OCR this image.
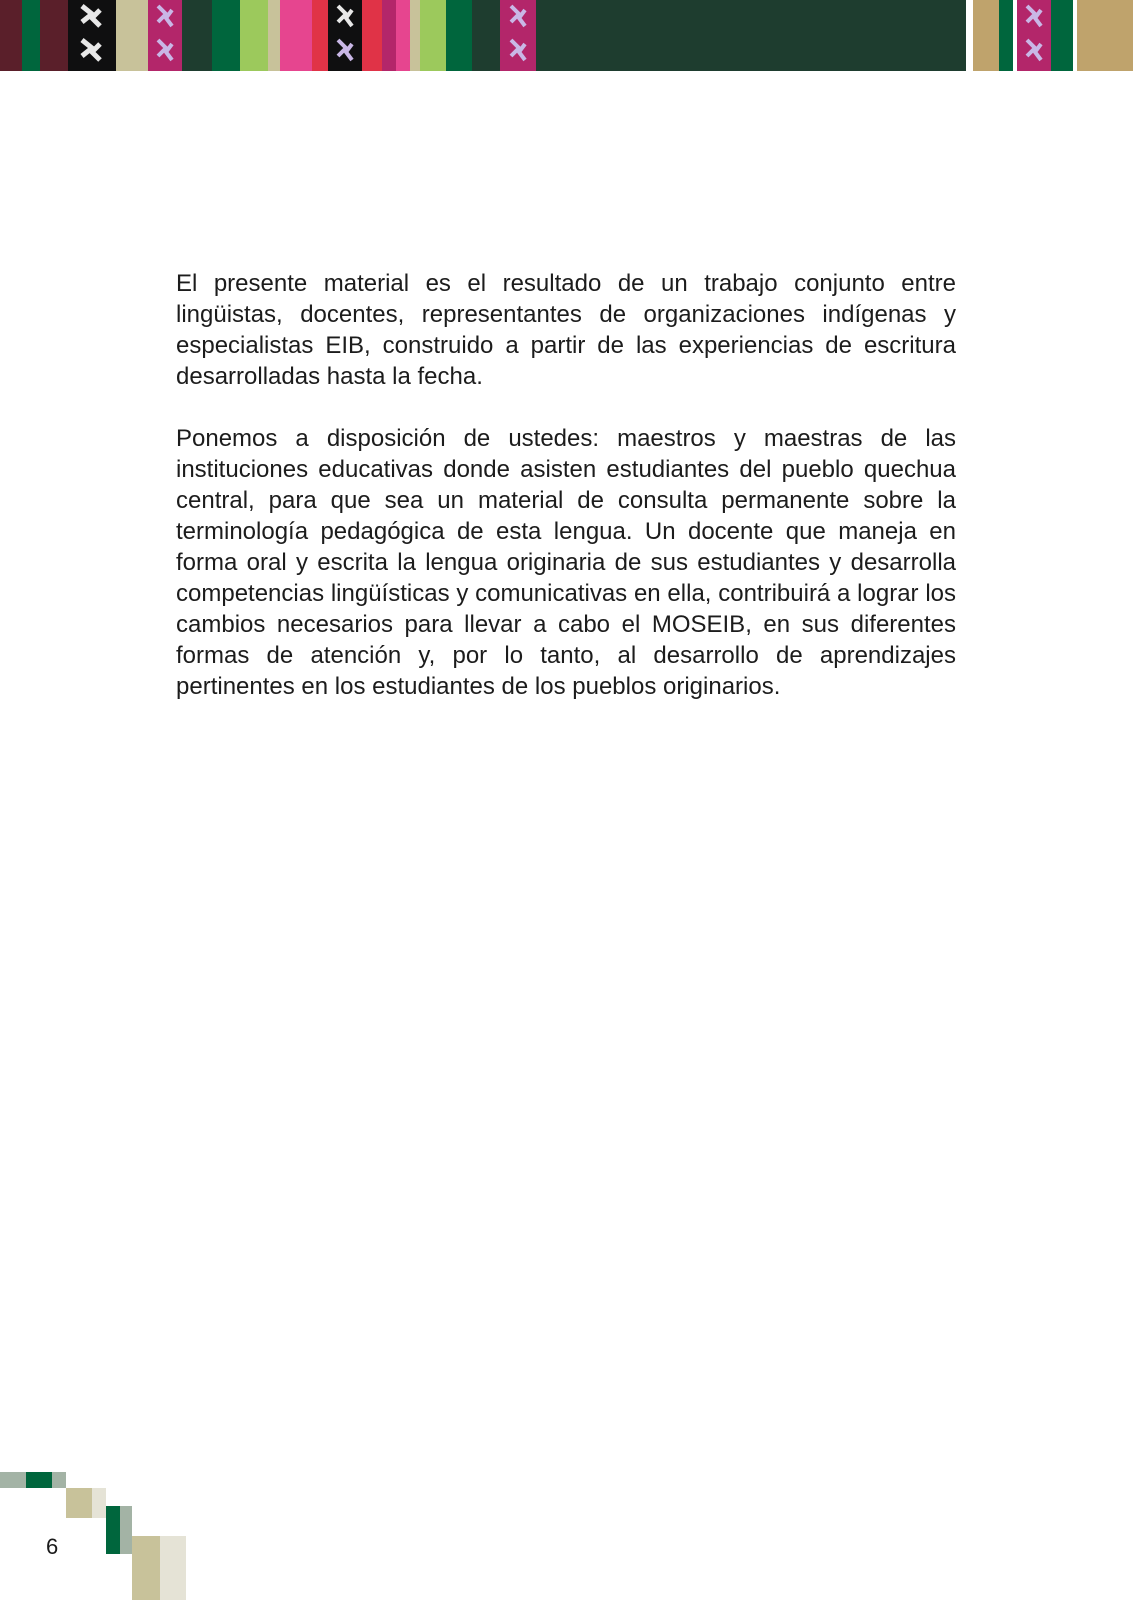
El presente material es el resultado de un trabajo conjunto entre lingüistas, docentes, representantes de organizaciones indígenas y especialistas EIB, construido a partir de las experiencias de escritura desarrolladas hasta la fecha.

Ponemos a disposición de ustedes: maestros y maestras de las instituciones educativas donde asisten estudiantes del pueblo quechua central, para que sea un material de consulta permanente sobre la terminología pedagógica de esta lengua. Un docente que maneja en forma oral y escrita la lengua originaria de sus estudiantes y desarrolla competencias lingüísticas y comunicativas en ella, contribuirá a lograr los cambios necesarios para llevar a cabo el MOSEIB, en sus diferentes formas de atención y, por lo tanto, al desarrollo de aprendizajes pertinentes en los estudiantes de los pueblos originarios.

6
